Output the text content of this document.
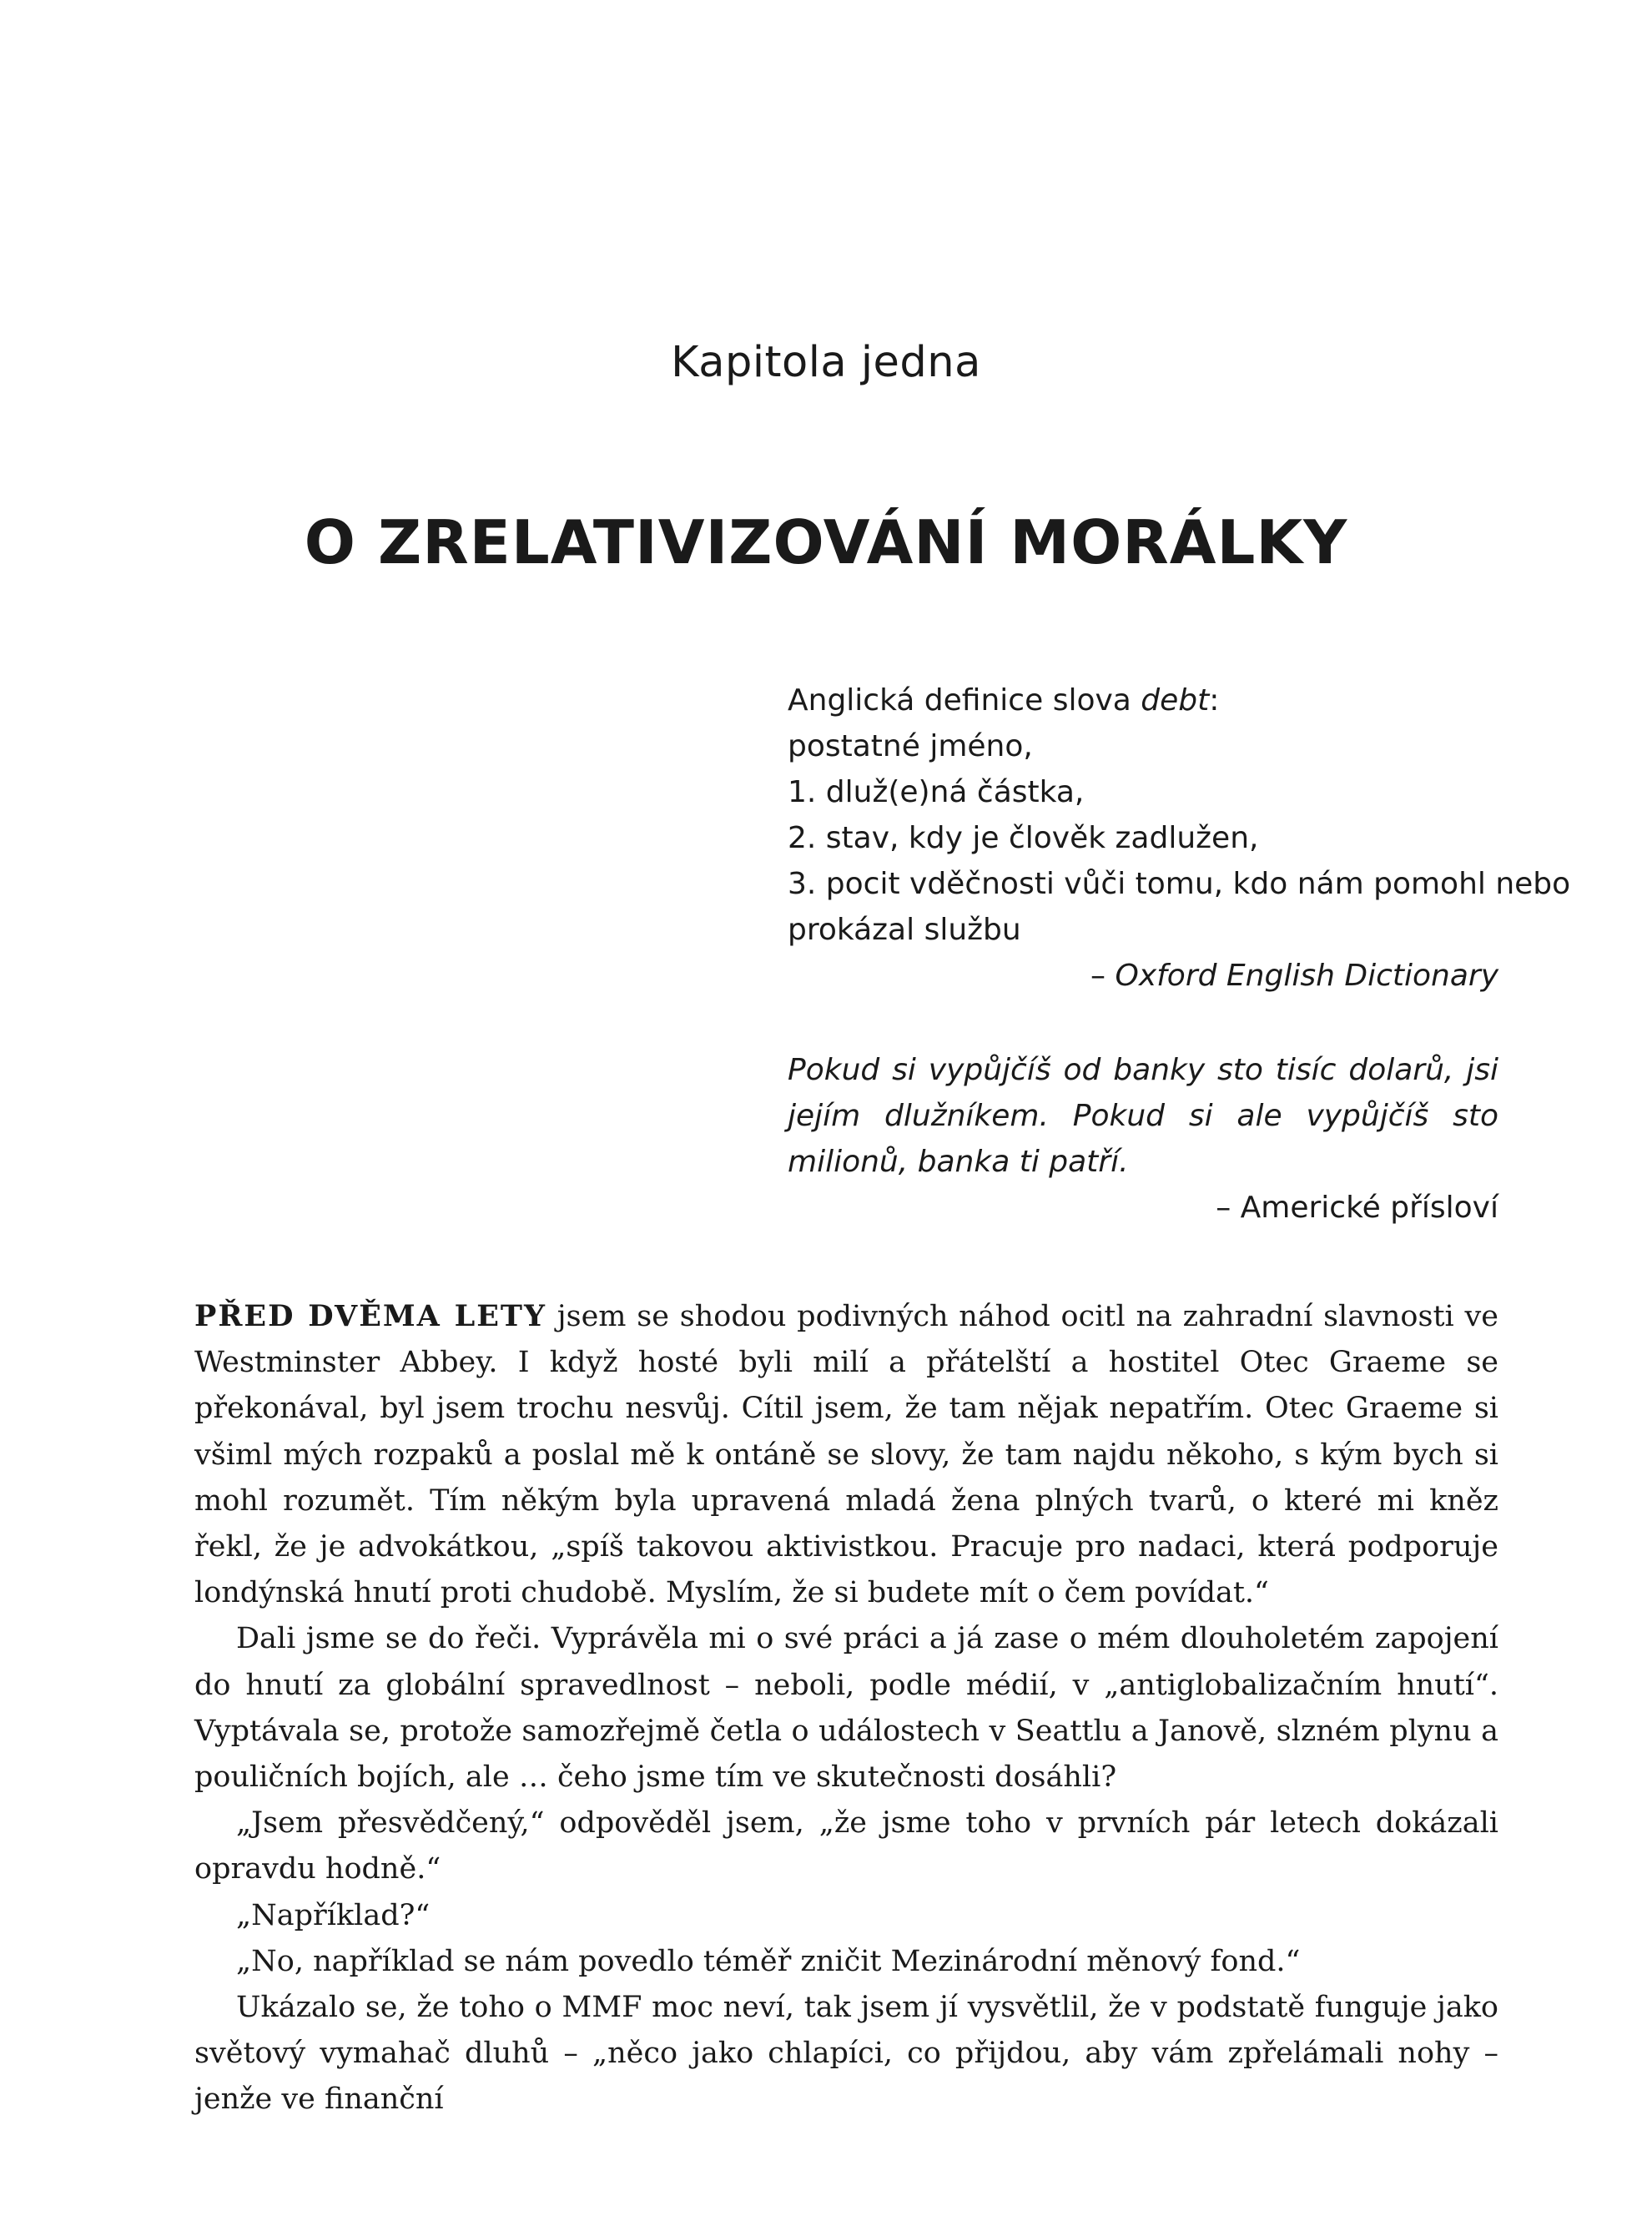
Kapitola jedna
O ZRELATIVIZOVÁNÍ MORÁLKY
Anglická definice slova debt:
postatné jméno,
1. dluž(e)ná částka,
2. stav, kdy je člověk zadlužen,
3. pocit vděčnosti vůči tomu, kdo nám pomohl nebo
prokázal službu
– Oxford English Dictionary
Pokud si vypůjčíš od banky sto tisíc dolarů, jsi jejím dlužníkem. Pokud si ale vypůjčíš sto milionů, banka ti patří.
– Americké přísloví

PŘED DVĚMA LETY jsem se shodou podivných náhod ocitl na zahradní slavnosti ve Westminster Abbey. I když hosté byli milí a přátelští a hostitel Otec Graeme se překonával, byl jsem trochu nesvůj. Cítil jsem, že tam nějak nepatřím. Otec Graeme si všiml mých rozpaků a poslal mě k ontáně se slovy, že tam najdu někoho, s kým bych si mohl rozumět. Tím někým byla upravená mladá žena plných tvarů, o které mi kněz řekl, že je advokátkou, „spíš takovou aktivistkou. Pracuje pro nadaci, která podporuje londýnská hnutí proti chudobě. Myslím, že si budete mít o čem povídat.“

Dali jsme se do řeči. Vyprávěla mi o své práci a já zase o mém dlouholetém zapojení do hnutí za globální spravedlnost – neboli, podle médií, v „antiglobalizačním hnutí“. Vyptávala se, protože samozřejmě četla o událostech v Seattlu a Janově, slzném plynu a pouličních bojích, ale … čeho jsme tím ve skutečnosti dosáhli?

„Jsem přesvědčený,“ odpověděl jsem, „že jsme toho v prvních pár letech dokázali opravdu hodně.“

„Například?“

„No, například se nám povedlo téměř zničit Mezinárodní měnový fond.“

Ukázalo se, že toho o MMF moc neví, tak jsem jí vysvětlil, že v podstatě funguje jako světový vymahač dluhů – „něco jako chlapíci, co přijdou, aby vám zpřelámali nohy – jenže ve finanční
